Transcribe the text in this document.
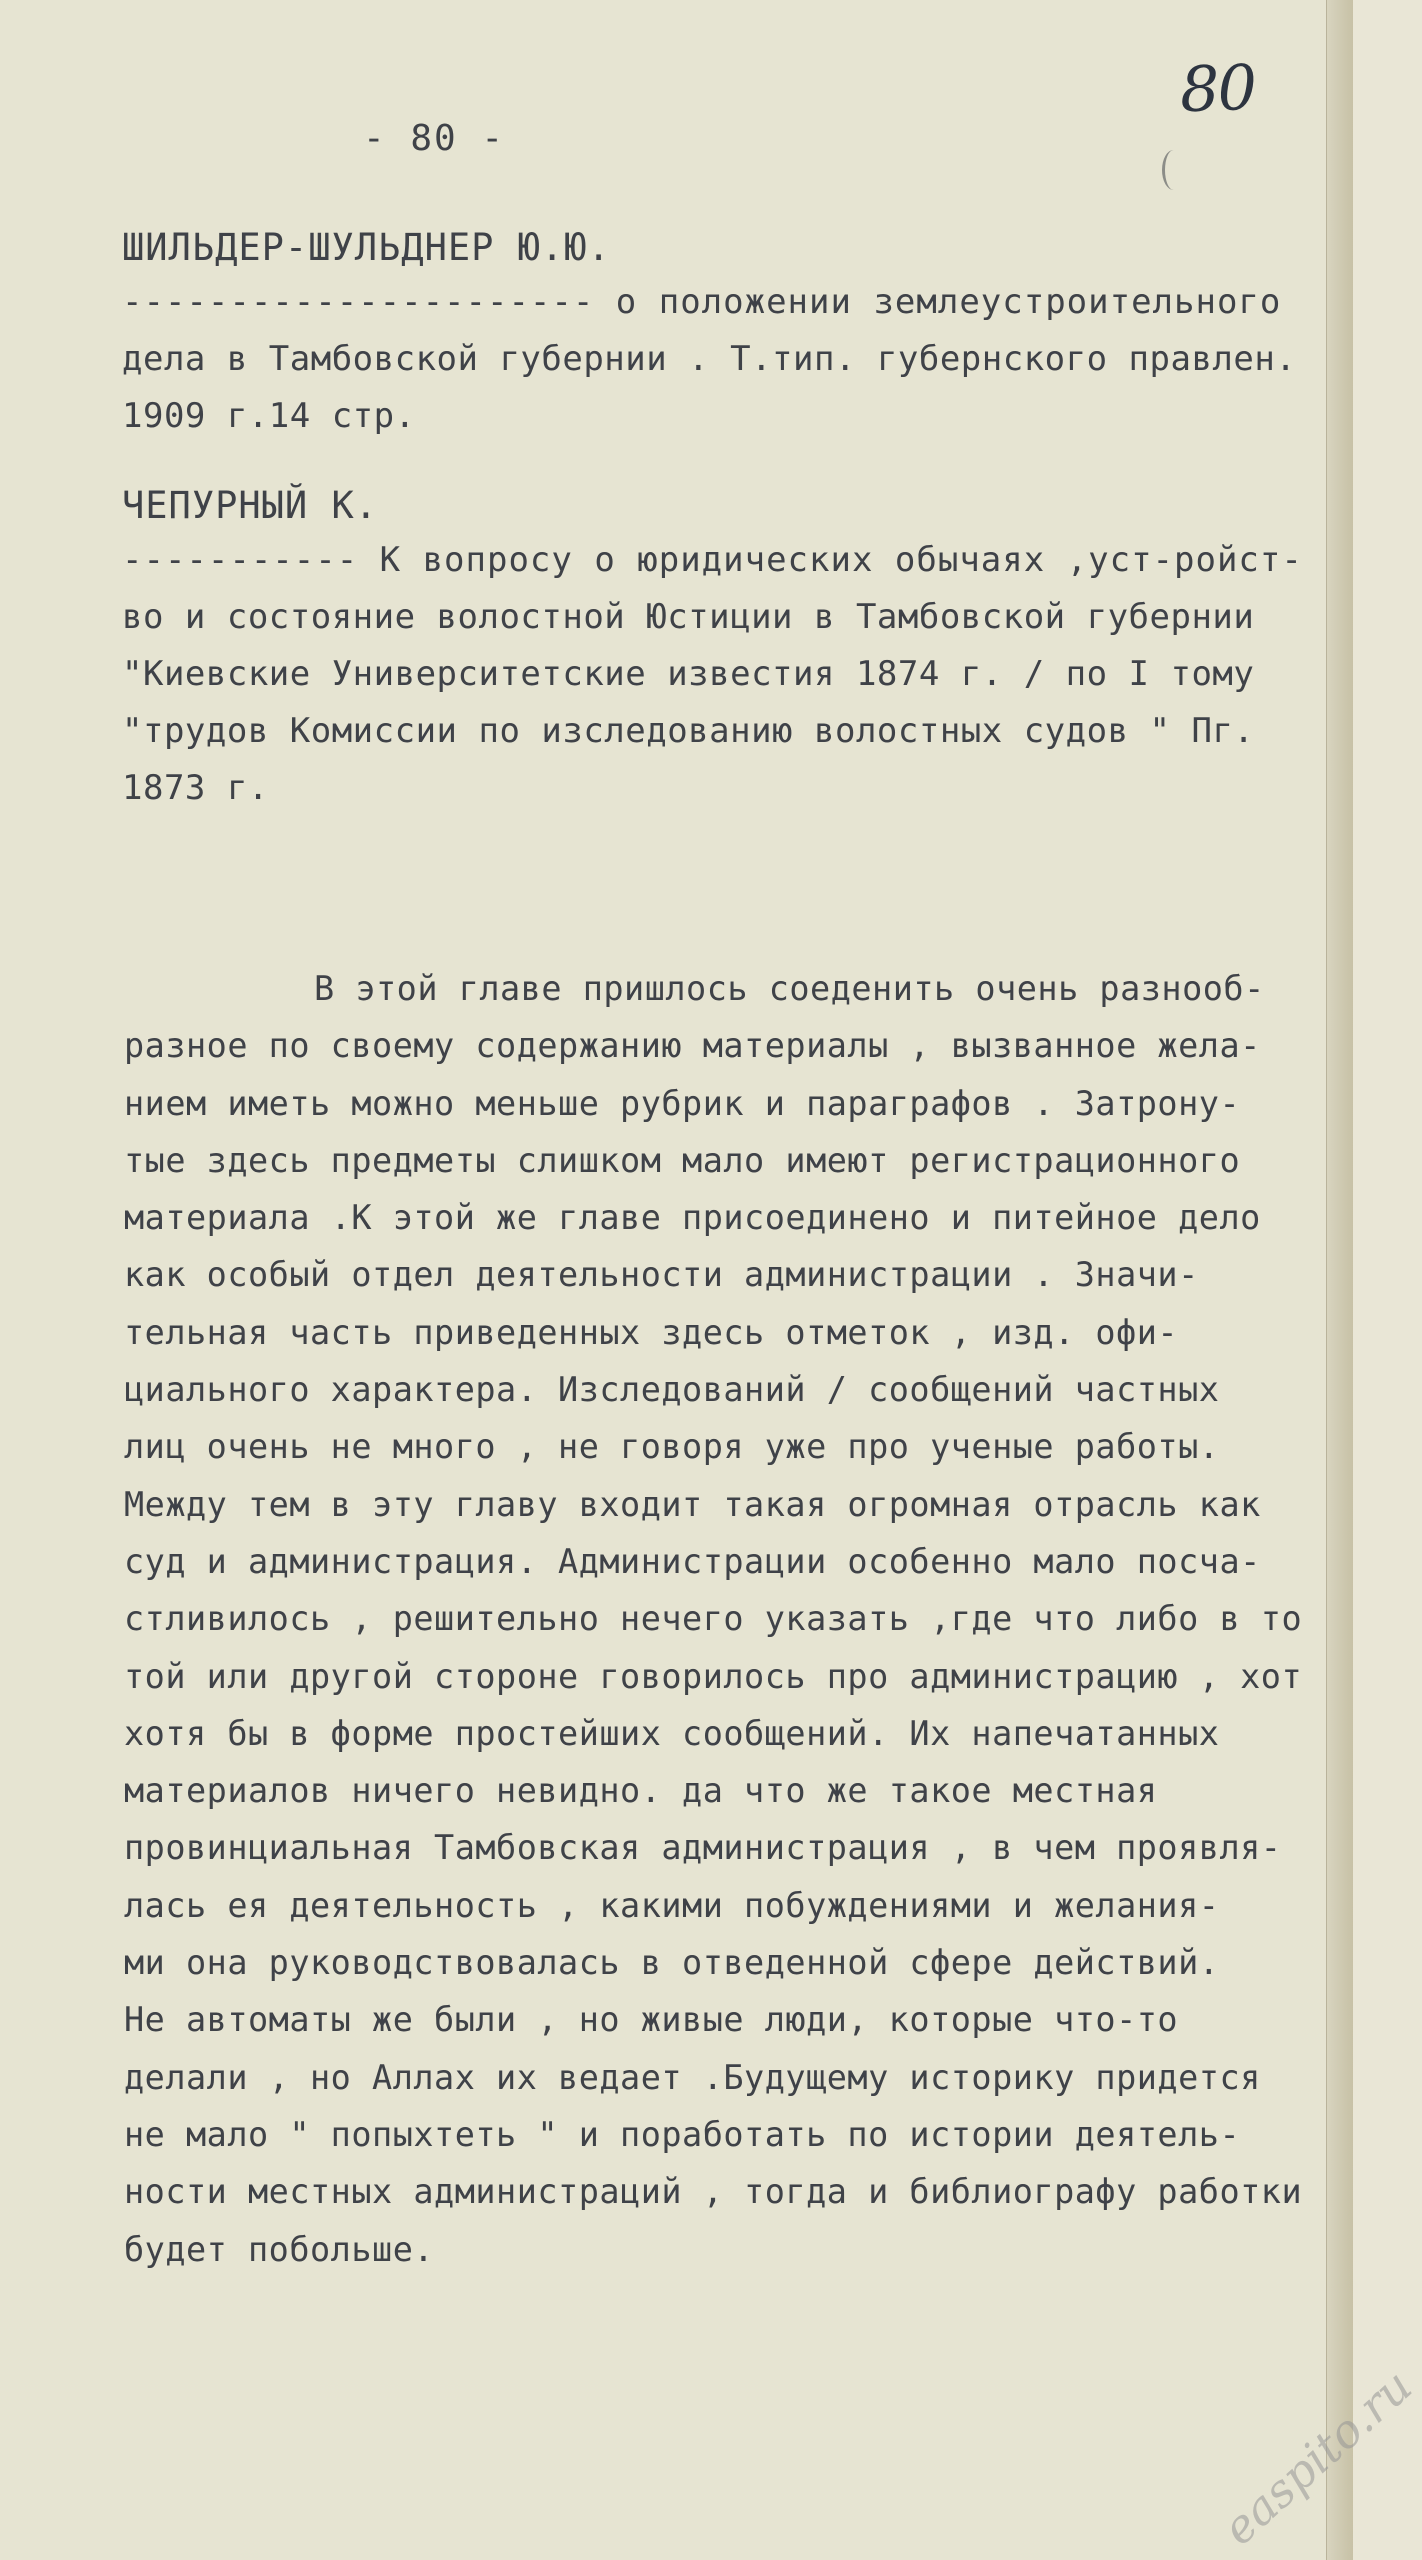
80
- 80 -
ШИЛЬДЕР-ШУЛЬДНЕР Ю.Ю.
---------------------- о положении землеустроительного
дела в Тамбовской губернии . Т.тип. губернского правлен.
1909 г.14 стр.
ЧЕПУРНЫЙ К.
----------- К вопросу о юридических обычаях ,уст-ройст-
во и состояние волостной Юстиции в Тамбовской губернии
"Киевские Университетские известия 1874 г. / по I тому
"трудов Комиссии по изследованию волостных судов " Пг.
1873 г.
В этой главе пришлось соеденить очень разнооб-
разное по своему содержанию материалы , вызванное жела-
нием иметь можно меньше рубрик и параграфов . Затрону-
тые здесь предметы слишком мало имеют регистрационного
материала .К этой же главе присоединено и питейное дело
как особый отдел деятельности администрации . Значи-
тельная часть приведенных здесь отметок , изд. офи-
циального характера. Изследований / сообщений частных
лиц очень не много , не говоря уже про ученые работы.
Между тем в эту главу входит такая огромная отрасль как
суд и администрация. Администрации особенно мало посча-
стливилось , решительно нечего указать ,где что либо в то
той или другой стороне говорилось про администрацию , хот
хотя бы в форме простейших сообщений. Их напечатанных
материалов ничего невидно. да что же такое местная
провинциальная Тамбовская администрация , в чем проявля-
лась ея деятельность , какими побуждениями и желания-
ми она руководствовалась в отведенной сфере действий.
Не автоматы же были , но живые люди, которые что-то
делали , но Аллах их ведает .Будущему историку придется
не мало " попыхтеть " и поработать по истории деятель-
ности местных администраций , тогда и библиографу работки
будет побольше.
easpito.ru
